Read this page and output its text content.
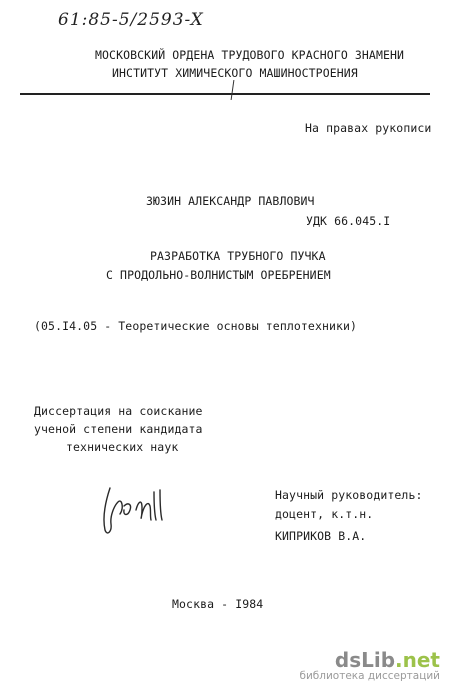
61:85-5/2593-X
МОСКОВСКИЙ ОРДЕНА ТРУДОВОГО КРАСНОГО ЗНАМЕНИ
ИНСТИТУТ ХИМИЧЕСКОГО МАШИНОСТРОЕНИЯ
На правах рукописи
ЗЮЗИН АЛЕКСАНДР ПАВЛОВИЧ
УДК 66.045.I
РАЗРАБОТКА ТРУБНОГО ПУЧКА
С ПРОДОЛЬНО-ВОЛНИСТЫМ ОРЕБРЕНИЕМ
(05.I4.05 - Теоретические основы теплотехники)
Диссертация на соискание
ученой степени кандидата
технических наук
Научный руководитель:
доцент, к.т.н.
КИПРИКОВ В.А.
Москва - I984
dsLib.net
библиотека диссертаций
